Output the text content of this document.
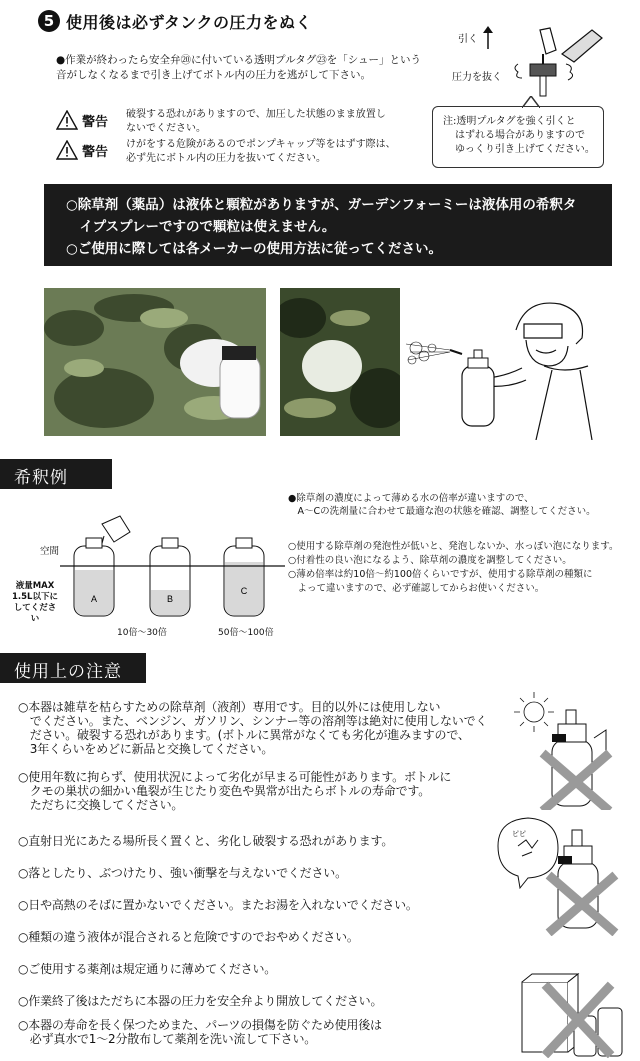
5 使用後は必ずタンクの圧力をぬく
●作業が終わったら安全弁⑳に付いている透明プルタグ㉓を「シュー」という
音がしなくなるまで引き上げてボトル内の圧力を逃がして下さい。
警告
破裂する恐れがありますので、加圧した状態のまま放置し
ないでください。
警告
けがをする危険があるのでポンプキャップ等をはずす際は、
必ず先にボトル内の圧力を抜いてください。
引く
圧力を抜く
注:透明プルタグを強く引くと
はずれる場合がありますので
ゆっくり引き上げてください。

○除草剤（薬品）は液体と顆粒がありますが、ガーデンフォーミーは液体用の希釈タ

　イプスプレーですので顆粒は使えません。

○ご使用に際しては各メーカーの使用方法に従ってください。

希釈例
●除草剤の濃度によって薄める水の倍率が違いますので、
　A～Cの洗剤量に合わせて最適な泡の状態を確認、調整してください。
○使用する除草剤の発泡性が低いと、発泡しないか、水っぽい泡になります。
○付着性の良い泡になるよう、除草剤の濃度を調整してください。
○薄め倍率は約10倍～約100倍くらいですが、使用する除草剤の種類に
　よって違いますので、必ず確認してからお使いください。
空間
液量MAX
1.5L以下に
してください
A	B
C
10倍～30倍	50倍～100倍
使用上の注意
○本器は雑草を枯らすための除草剤（液剤）専用です。目的以外には使用しない
　でください。また、ベンジン、ガソリン、シンナー等の溶剤等は絶対に使用しないでく
　ださい。破裂する恐れがあります。(ボトルに異常がなくても劣化が進みますので、
　3年くらいをめどに新品と交換してください。
○使用年数に拘らず、使用状況によって劣化が早まる可能性があります。ボトルに
　クモの巣状の細かい亀裂が生じたり変色や異常が出たらボトルの寿命です。
　ただちに交換してください。
○直射日光にあたる場所長く置くと、劣化し破裂する恐れがあります。
○落としたり、ぶつけたり、強い衝撃を与えないでください。
○日や高熱のそばに置かないでください。またお湯を入れないでください。
○種類の違う液体が混合されると危険ですのでおやめください。
○ご使用する薬剤は規定通りに薄めてください。
○作業終了後はただちに本器の圧力を安全弁より開放してください。
○本器の寿命を長く保つためまた、パーツの損傷を防ぐため使用後は
　必ず真水で1～2分散布して薬剤を洗い流して下さい。
ピピ
